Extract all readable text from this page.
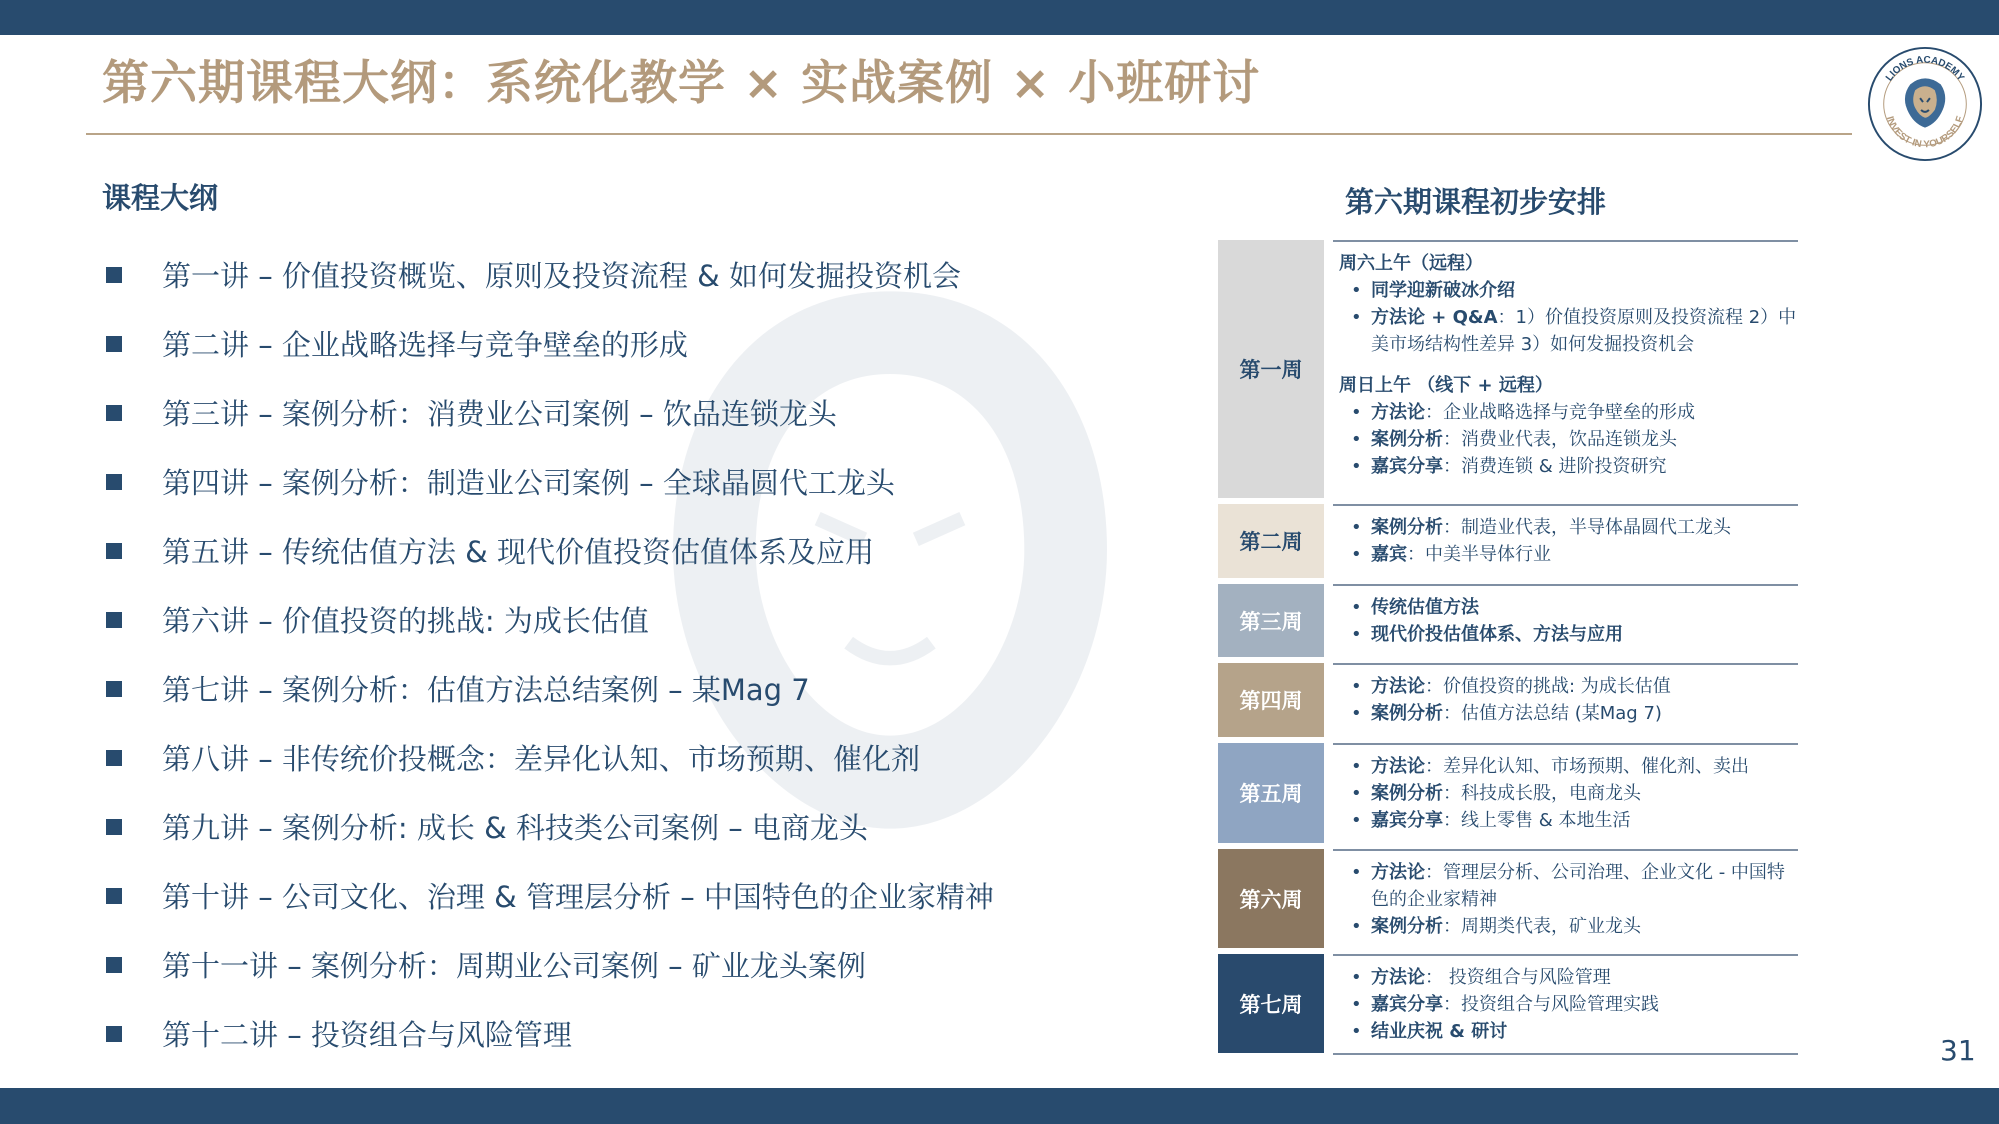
第六期课程大纲：系统化教学 × 实战案例 × 小班研讨	LIONS ACADEMY
INVEST IN YOURSELF
课程大纲
第一讲 – 价值投资概览、原则及投资流程 & 如何发掘投资机会
第二讲 – 企业战略选择与竞争壁垒的形成
第三讲 – 案例分析：消费业公司案例 – 饮品连锁龙头
第四讲 – 案例分析：制造业公司案例 – 全球晶圆代工龙头
第五讲 – 传统估值方法 & 现代价值投资估值体系及应用
第六讲 – 价值投资的挑战: 为成长估值
第七讲 – 案例分析：估值方法总结案例 – 某Mag 7
第八讲 – 非传统价投概念：差异化认知、市场预期、催化剂
第九讲 – 案例分析: 成长 & 科技类公司案例 – 电商龙头
第十讲 – 公司文化、治理 & 管理层分析 – 中国特色的企业家精神
第十一讲 – 案例分析：周期业公司案例 – 矿业龙头案例
第十二讲 – 投资组合与风险管理
第六期课程初步安排
第一周
周六上午（远程）
• 同学迎新破冰介绍
• 方法论 + Q&A：1）价值投资原则及投资流程 2）中美市场结构性差异 3）如何发掘投资机会
周日上午 （线下 + 远程）
• 方法论：企业战略选择与竞争壁垒的形成
• 案例分析：消费业代表，饮品连锁龙头
• 嘉宾分享：消费连锁 & 进阶投资研究
第二周
• 案例分析：制造业代表，半导体晶圆代工龙头
• 嘉宾：中美半导体行业
第三周
• 传统估值方法
• 现代价投估值体系、方法与应用
第四周
• 方法论：价值投资的挑战: 为成长估值
• 案例分析：估值方法总结 (某Mag 7)
第五周
• 方法论：差异化认知、市场预期、催化剂、卖出
• 案例分析：科技成长股，电商龙头
• 嘉宾分享：线上零售 & 本地生活
第六周
• 方法论：管理层分析、公司治理、企业文化 - 中国特色的企业家精神
• 案例分析：周期类代表，矿业龙头
第七周
• 方法论： 投资组合与风险管理
• 嘉宾分享：投资组合与风险管理实践
• 结业庆祝 & 研讨
31
